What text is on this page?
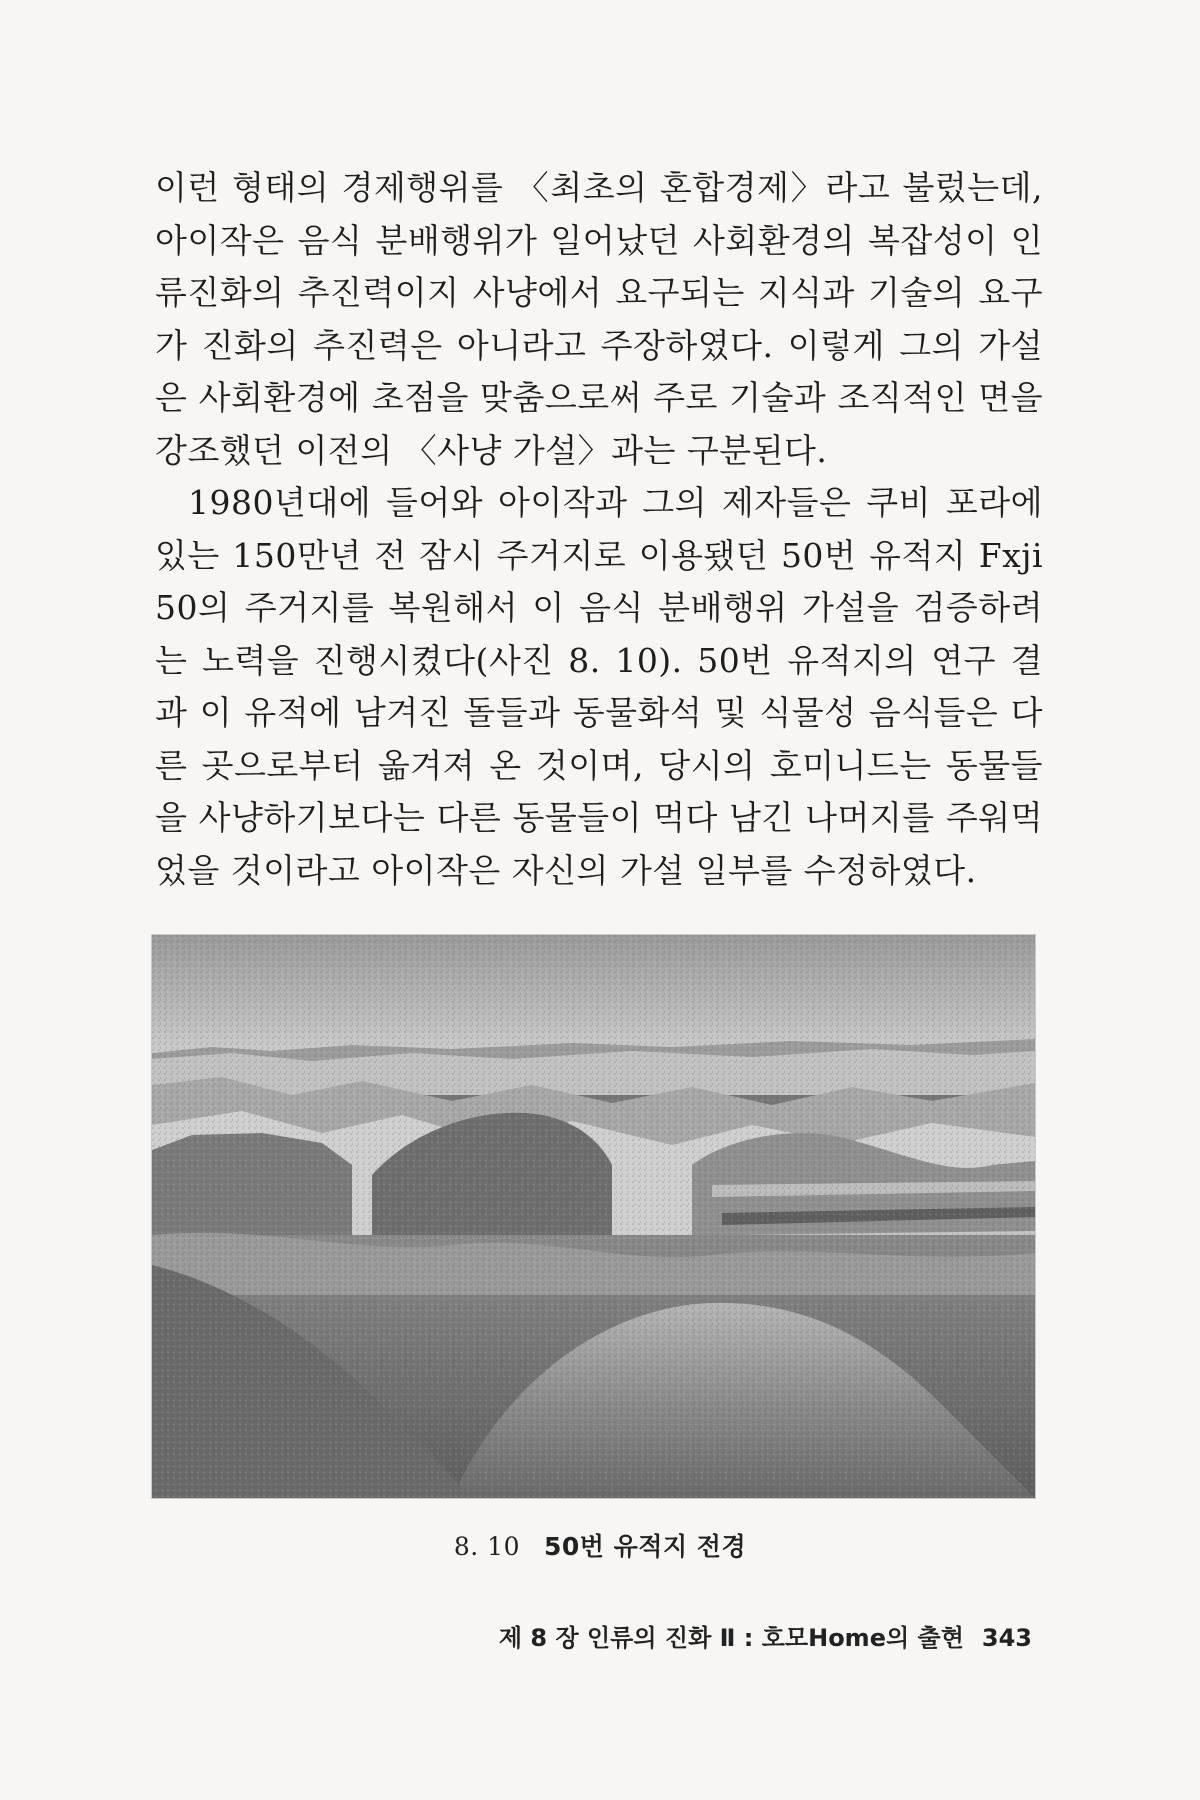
이런 형태의 경제행위를 〈최초의 혼합경제〉라고 불렀는데, 아이작은 음식 분배행위가 일어났던 사회환경의 복잡성이 인류진화의 추진력이지 사냥에서 요구되는 지식과 기술의 요구가 진화의 추진력은 아니라고 주장하였다. 이렇게 그의 가설은 사회환경에 초점을 맞춤으로써 주로 기술과 조직적인 면을 강조했던 이전의 〈사냥 가설〉과는 구분된다.

1980년대에 들어와 아이작과 그의 제자들은 쿠비 포라에 있는 150만년 전 잠시 주거지로 이용됐던 50번 유적지 Fxji 50의 주거지를 복원해서 이 음식 분배행위 가설을 검증하려는 노력을 진행시켰다(사진 8. 10). 50번 유적지의 연구 결과 이 유적에 남겨진 돌들과 동물화석 및 식물성 음식들은 다른 곳으로부터 옮겨져 온 것이며, 당시의 호미니드는 동물들을 사냥하기보다는 다른 동물들이 먹다 남긴 나머지를 주워먹었을 것이라고 아이작은 자신의 가설 일부를 수정하였다.

8. 10 50번 유적지 전경
제 8 장 인류의 진화 Ⅱ : 호모Home의 출현 343
